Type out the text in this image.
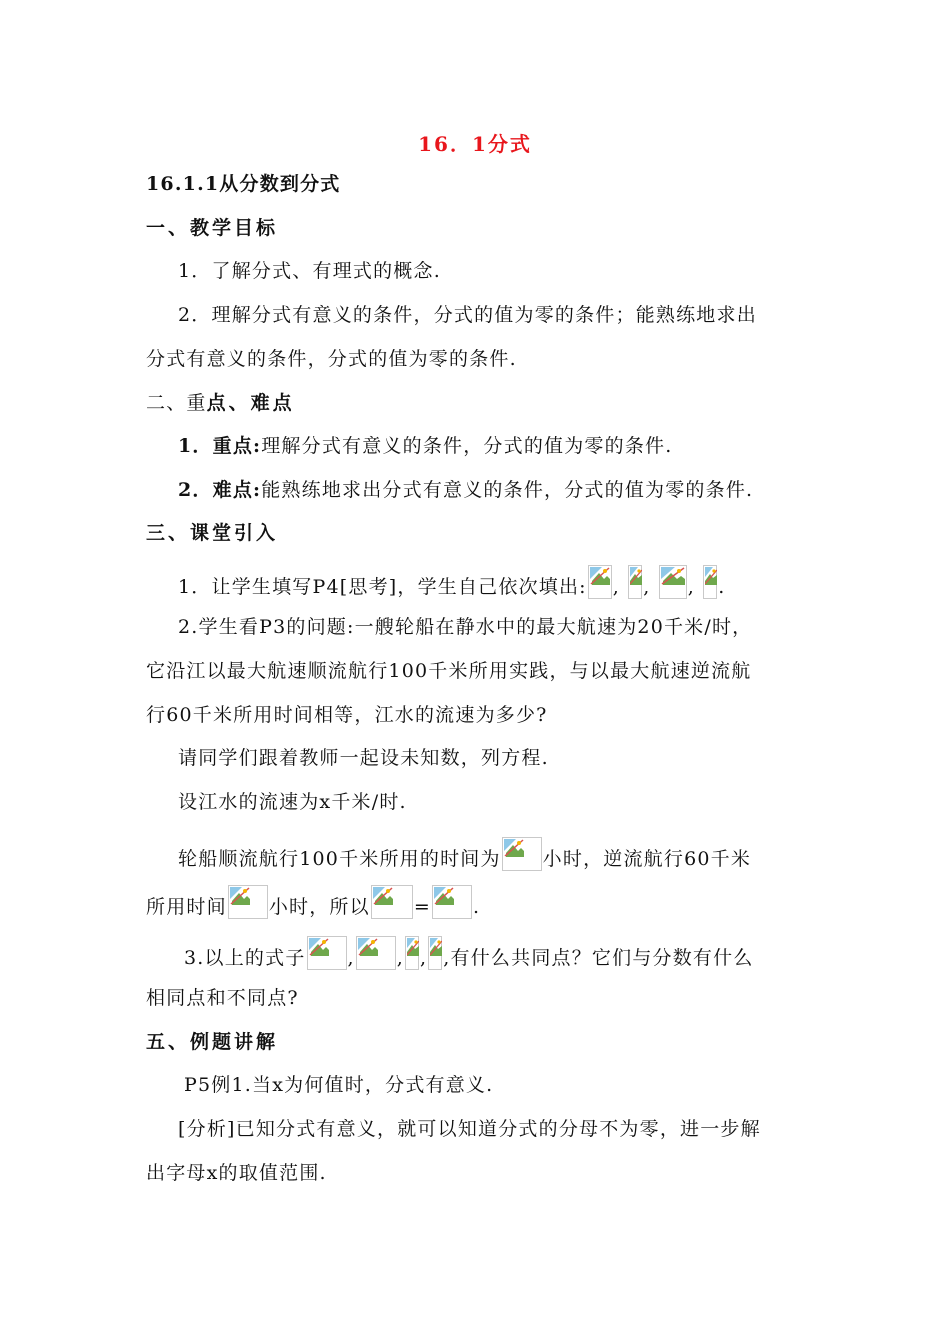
16．1分式
16.1.1从分数到分式
一、教学目标
1．了解分式、有理式的概念.
2．理解分式有意义的条件，分式的值为零的条件；能熟练地求出
分式有意义的条件，分式的值为零的条件.
二、重点、难点
1．重点:理解分式有意义的条件，分式的值为零的条件.
2．难点:能熟练地求出分式有意义的条件，分式的值为零的条件.
三、课堂引入
1．让学生填写P4[思考]，学生自己依次填出: , , , .
2.学生看P3的问题:一艘轮船在静水中的最大航速为20千米/时，
它沿江以最大航速顺流航行100千米所用实践，与以最大航速逆流航
行60千米所用时间相等，江水的流速为多少?
请同学们跟着教师一起设未知数，列方程.
设江水的流速为x千米/时.
轮船顺流航行100千米所用的时间为 小时，逆流航行60千米
所用时间 小时，所以 = .
3.以上的式子 , , , ,有什么共同点？它们与分数有什么
相同点和不同点?
五、例题讲解
P5例1.当x为何值时，分式有意义.
[分析]已知分式有意义，就可以知道分式的分母不为零，进一步解
出字母x的取值范围.
